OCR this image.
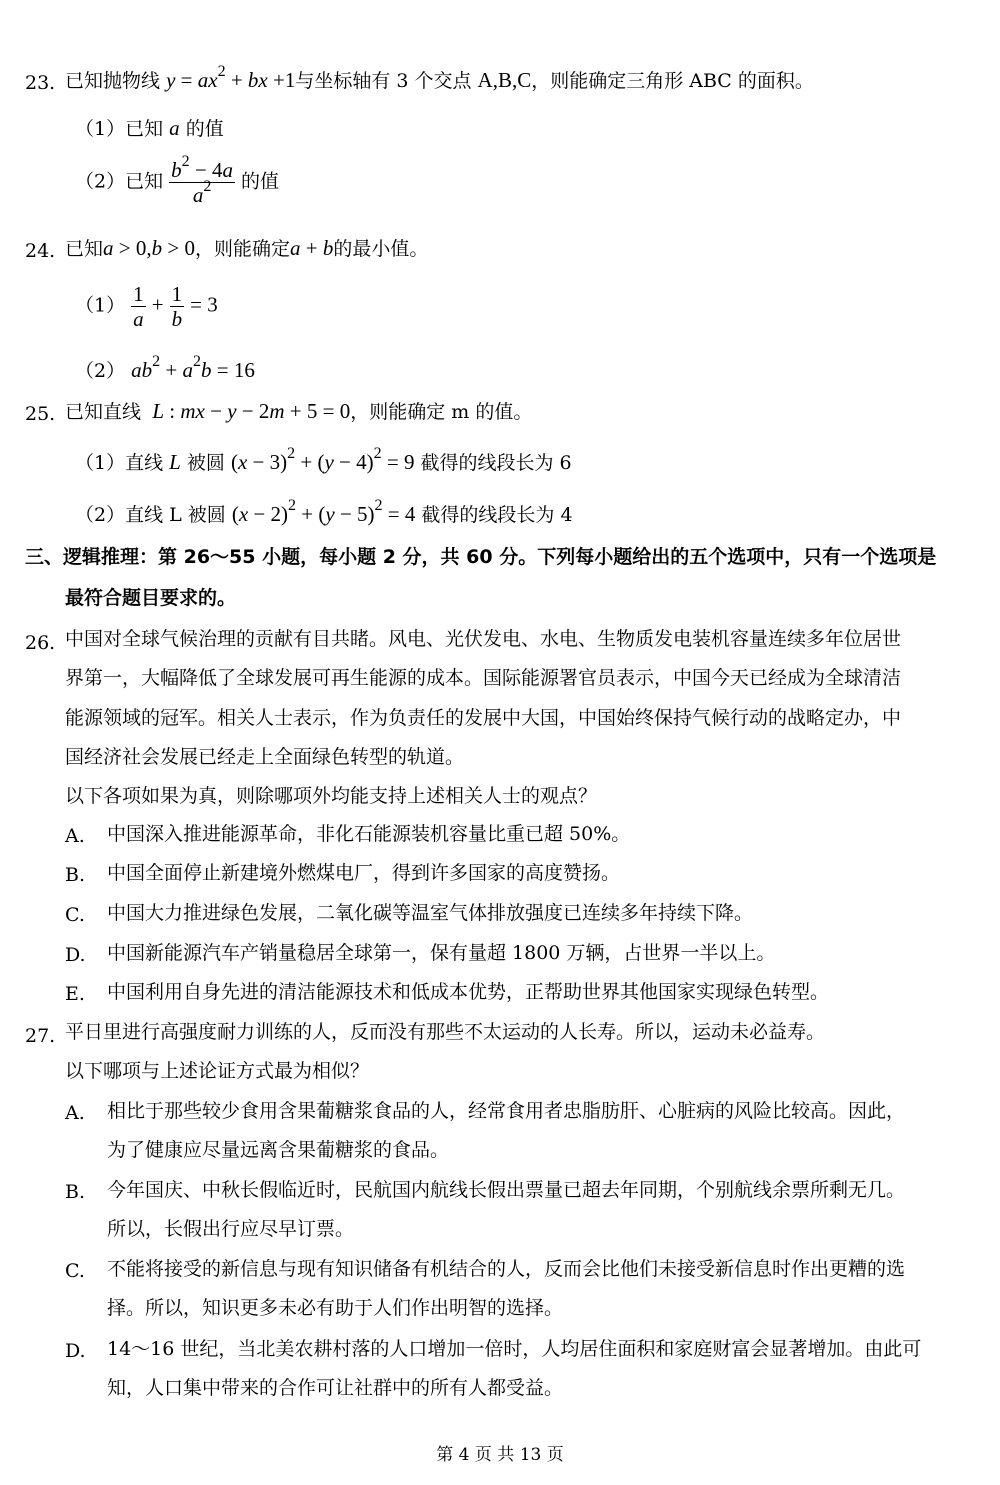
23. 已知抛物线 $y = ax^2$ + bx +1与坐标轴有 3 个交点 A,B,C，则能确定三角形 ABC 的面积。
（1）已知 a 的值
（2）已知 $\frac{b^2 - 4a}{a^2}$ 的值
24. 已知a > 0,b > 0，则能确定a + b的最小值。
$(1) \frac{1}{a} + \frac{1}{b} = 3$
（2） $ab^2 + a^2b = 16$
25. 已知直线 L : mx − y − 2m + 5 = 0，则能确定 m 的值。
（1）直线 L 被圆 $(x - 3)^2 + (y - 4)^2 = 9$ 截得的线段长为 6
（2）直线 L 被圆 $(x - 2)^2 + (y - 5)^2 = 4$ 截得的线段长为 4
三、逻辑推理：第 26～55 小题，每小题 2 分，共 60 分。下列每小题给出的五个选项中，只有一个选项是
最符合题目要求的。
26. 中国对全球气候治理的贡献有目共睹。风电、光伏发电、水电、生物质发电装机容量连续多年位居世
界第一，大幅降低了全球发展可再生能源的成本。国际能源署官员表示，中国今天已经成为全球清洁
能源领域的冠军。相关人士表示，作为负责任的发展中大国，中国始终保持气候行动的战略定办，中
国经济社会发展已经走上全面绿色转型的轨道。
以下各项如果为真，则除哪项外均能支持上述相关人士的观点？
A. 中国深入推进能源革命，非化石能源装机容量比重已超 50%。
B. 中国全面停止新建境外燃煤电厂，得到许多国家的高度赞扬。
C. 中国大力推进绿色发展，二氧化碳等温室气体排放强度已连续多年持续下降。
D. 中国新能源汽车产销量稳居全球第一，保有量超 1800 万辆，占世界一半以上。
E. 中国利用自身先进的清洁能源技术和低成本优势，正帮助世界其他国家实现绿色转型。
27. 平日里进行高强度耐力训练的人，反而没有那些不太运动的人长寿。所以，运动未必益寿。
以下哪项与上述论证方式最为相似？
A. 相比于那些较少食用含果葡糖浆食品的人，经常食用者忠脂肪肝、心脏病的风险比较高。因此，
为了健康应尽量远离含果葡糖浆的食品。
B. 今年国庆、中秋长假临近时，民航国内航线长假出票量已超去年同期，个别航线余票所剩无几。
所以，长假出行应尽早订票。
C. 不能将接受的新信息与现有知识储备有机结合的人，反而会比他们未接受新信息时作出更糟的选
择。所以，知识更多未必有助于人们作出明智的选择。
D. 14～16 世纪，当北美农耕村落的人口增加一倍时，人均居住面积和家庭财富会显著增加。由此可
知，人口集中带来的合作可让社群中的所有人都受益。
第 4 页 共 13 页
